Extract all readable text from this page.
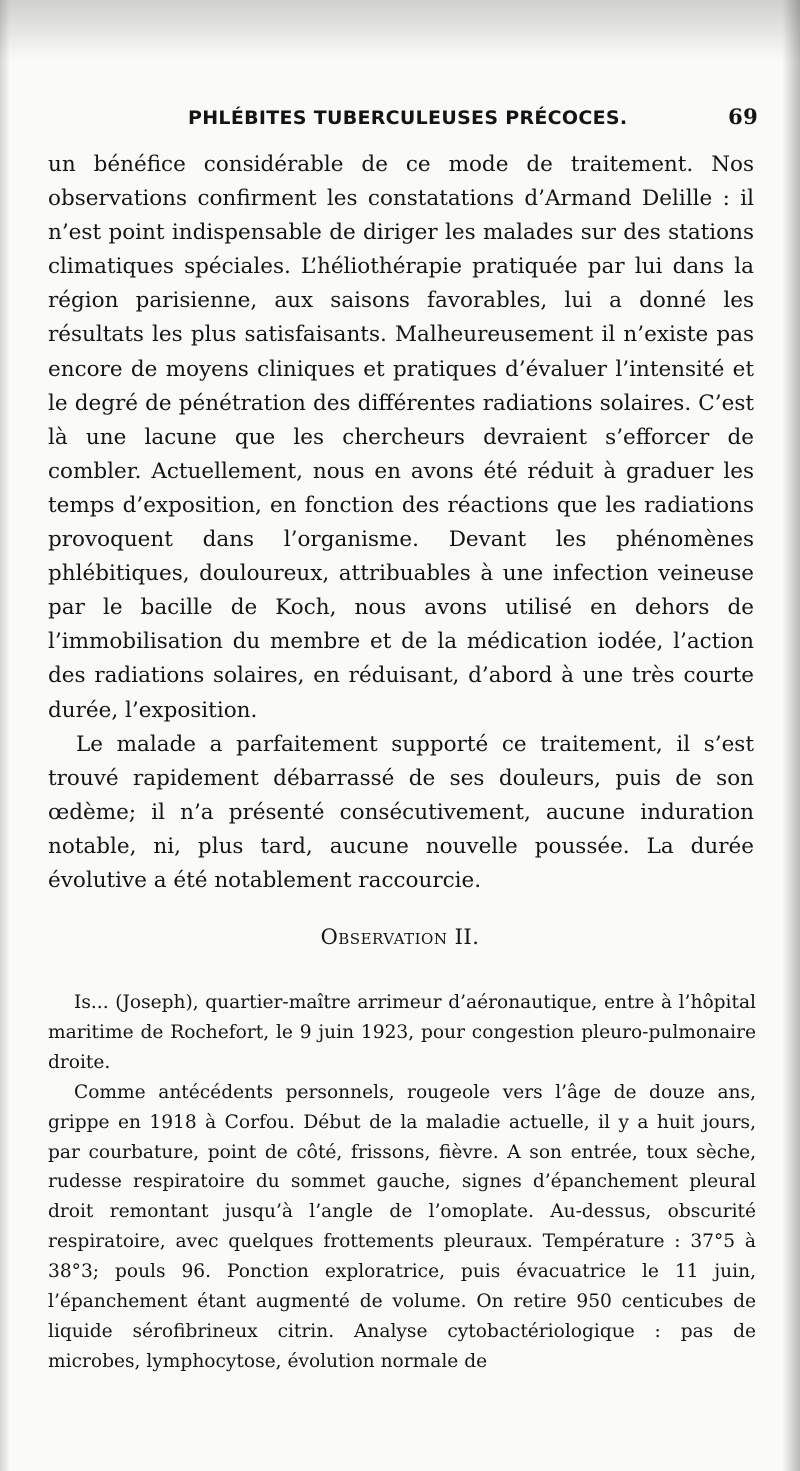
PHLÉBITES TUBERCULEUSES PRÉCOCES.	69

un bénéfice considérable de ce mode de traitement. Nos observations confirment les constatations d’Armand Delille : il n’est point indispensable de diriger les malades sur des stations climatiques spéciales. L’héliothérapie pratiquée par lui dans la région parisienne, aux saisons favorables, lui a donné les résultats les plus satisfaisants. Malheureusement il n’existe pas encore de moyens cliniques et pratiques d’évaluer l’intensité et le degré de pénétration des différentes radiations solaires. C’est là une lacune que les chercheurs devraient s’efforcer de combler. Actuellement, nous en avons été réduit à graduer les temps d’exposition, en fonction des réactions que les radiations provoquent dans l’organisme. Devant les phénomènes phlébitiques, douloureux, attribuables à une infection veineuse par le bacille de Koch, nous avons utilisé en dehors de l’immobilisation du membre et de la médication iodée, l’action des radiations solaires, en réduisant, d’abord à une très courte durée, l’exposition.

Le malade a parfaitement supporté ce traitement, il s’est trouvé rapidement débarrassé de ses douleurs, puis de son œdème; il n’a présenté consécutivement, aucune induration notable, ni, plus tard, aucune nouvelle poussée. La durée évolutive a été notablement raccourcie.

Observation II.

Is... (Joseph), quartier-maître arrimeur d’aéronautique, entre à l’hôpital maritime de Rochefort, le 9 juin 1923, pour congestion pleuro-pulmonaire droite.

Comme antécédents personnels, rougeole vers l’âge de douze ans, grippe en 1918 à Corfou. Début de la maladie actuelle, il y a huit jours, par courbature, point de côté, frissons, fièvre. A son entrée, toux sèche, rudesse respiratoire du sommet gauche, signes d’épanchement pleural droit remontant jusqu’à l’angle de l’omoplate. Au-dessus, obscurité respiratoire, avec quelques frottements pleuraux. Température : 37°5 à 38°3; pouls 96. Ponction exploratrice, puis évacuatrice le 11 juin, l’épanchement étant augmenté de volume. On retire 950 centicubes de liquide sérofibrineux citrin. Analyse cytobactériologique : pas de microbes, lymphocytose, évolution normale de
